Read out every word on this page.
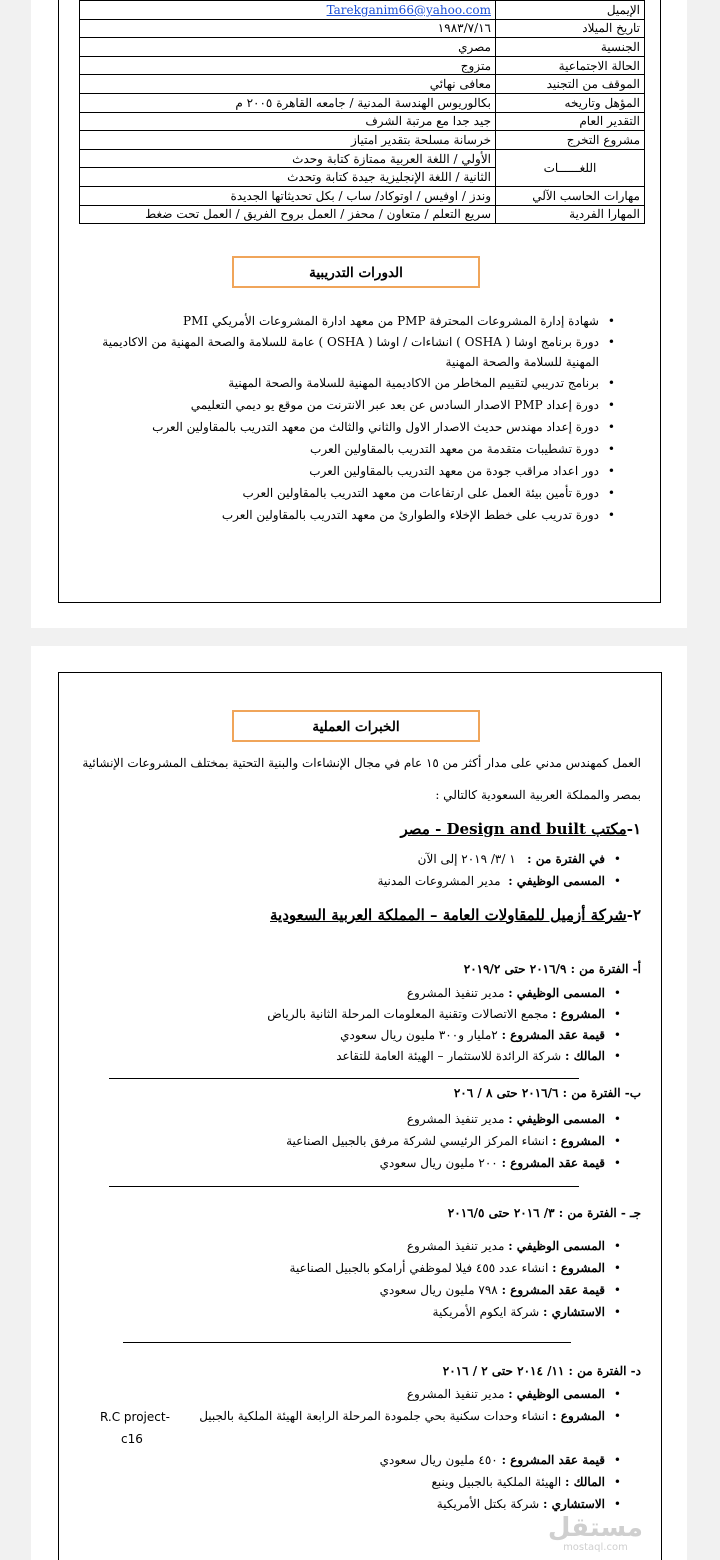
الإيميل	Tarekganim66@yahoo.com
تاريخ الميلاد	١٩٨٣/٧/١٦
الجنسية	مصري
الحالة الاجتماعية	متزوج
الموقف من التجنيد	معافى نهائي
المؤهل وتاريخه	بكالوريوس الهندسة المدنية / جامعه القاهرة ٢٠٠٥ م
التقدير العام	جيد جدا مع مرتبة الشرف
مشروع التخرج	خرسانة مسلحة بتقدير امتياز
اللغــــــات	الأولي / اللغة العربية ممتازة كتابة وحدث
	الثانية / اللغة الإنجليزية جيدة كتابة وتحدث
مهارات الحاسب الآلي	وندز / اوفيس / اوتوكاد/ ساب / بكل تحديثاتها الجديدة
المهارا الفردية	سريع التعلم / متعاون / محفز / العمل بروح الفريق / العمل تحت ضغط
الدورات التدريبية
• شهادة إدارة المشروعات المحترفة PMP من معهد ادارة المشروعات الأمريكي PMI
• دورة برنامج اوشا ( OSHA ) انشاءات / اوشا ( OSHA ) عامة للسلامة والصحة المهنية من الاكاديمية المهنية للسلامة والصحة المهنية
• برنامج تدريبي لتقييم المخاطر من الاكاديمية المهنية للسلامة والصحة المهنية
• دورة إعداد PMP الاصدار السادس عن بعد عبر الانترنت من موقع يو ديمي التعليمي
• دورة إعداد مهندس حديث الاصدار الاول والثاني والثالث من معهد التدريب بالمقاولين العرب
• دورة تشطيبات متقدمة من معهد التدريب بالمقاولين العرب
• دور اعداد مراقب جودة من معهد التدريب بالمقاولين العرب
• دورة تأمين بيئة العمل على ارتفاعات من معهد التدريب بالمقاولين العرب
• دورة تدريب على خطط الإخلاء والطوارئ من معهد التدريب بالمقاولين العرب
الخبرات العملية
العمل كمهندس مدني على مدار أكثر من ١٥ عام في مجال الإنشاءات والبنية التحتية بمختلف المشروعات الإنشائية
بمصر والمملكة العربية السعودية كالتالي :
١-مكتب Design and built - مصر
• في الفترة من :   ١ /٣/ ٢٠١٩ إلى الآن
• المسمى الوظيفي :  مدير المشروعات المدنية
٢-شركة أزميل للمقاولات العامة – المملكة العربية السعودية
أ- الفترة من : ٢٠١٦/٩ حتى ٢٠١٩/٢
• المسمى الوظيفي : مدير تنفيذ المشروع
• المشروع : مجمع الاتصالات وتقنية المعلومات المرحلة الثانية بالرياض
• قيمة عقد المشروع : ٢مليار و٣٠٠ مليون ريال سعودي
• المالك : شركة الرائدة للاستثمار – الهيئة العامة للتقاعد
ب- الفترة من : ٢٠١٦/٦ حتى ٨ / ٢٠٦
• المسمى الوظيفي : مدير تنفيذ المشروع
• المشروع : انشاء المركز الرئيسي لشركة مرفق بالجبيل الصناعية
• قيمة عقد المشروع : ٢٠٠ مليون ريال سعودي
جـ - الفترة من : ٣/ ٢٠١٦ حتى ٢٠١٦/٥
• المسمى الوظيفي : مدير تنفيذ المشروع
• المشروع : انشاء عدد ٤٥٥ فيلا لموظفي أرامكو بالجبيل الصناعية
• قيمة عقد المشروع : ٧٩٨ مليون ريال سعودي
• الاستشاري : شركة ايكوم الأمريكية
د- الفترة من : ١١/ ٢٠١٤ حتى ٢ / ٢٠١٦
• المسمى الوظيفي : مدير تنفيذ المشروع
• المشروع : انشاء وحدات سكنية بحي جلمودة المرحلة الرابعة الهيئة الملكية بالجبيل
• قيمة عقد المشروع : ٤٥٠ مليون ريال سعودي
• المالك : الهيئة الملكية بالجبيل وينبع
• الاستشاري : شركة بكتل الأمريكية
R.C project-
c16
مستقل
mostaql.com
